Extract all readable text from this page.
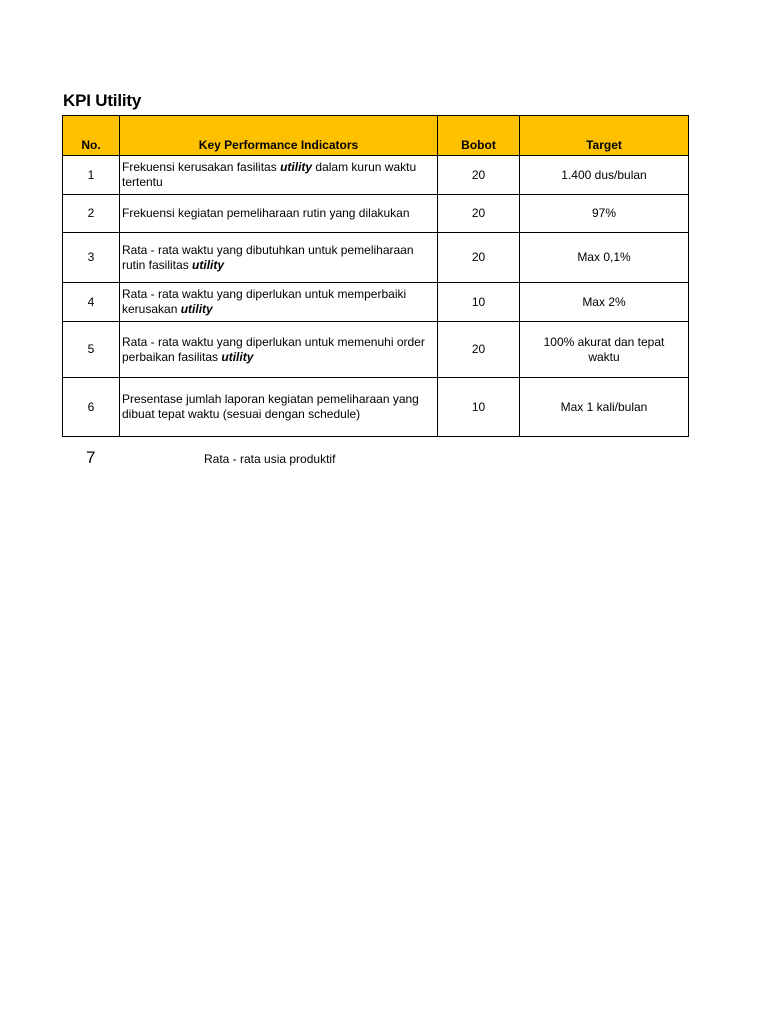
KPI Utility
No.	Key Performance Indicators	Bobot	Target
1	Frekuensi kerusakan fasilitas utility dalam kurun waktu tertentu	20	1.400 dus/bulan
2	Frekuensi kegiatan pemeliharaan rutin yang dilakukan	20	97%
3	Rata - rata waktu yang dibutuhkan untuk pemeliharaan rutin fasilitas utility	20	Max 0,1%
4	Rata - rata waktu yang diperlukan untuk memperbaiki kerusakan utility	10	Max 2%
5	Rata - rata waktu yang diperlukan untuk memenuhi order perbaikan fasilitas utility	20	100% akurat dan tepat waktu
6	Presentase jumlah laporan kegiatan pemeliharaan yang dibuat tepat waktu (sesuai dengan schedule)	10	Max 1 kali/bulan
7	Rata - rata usia produktif
